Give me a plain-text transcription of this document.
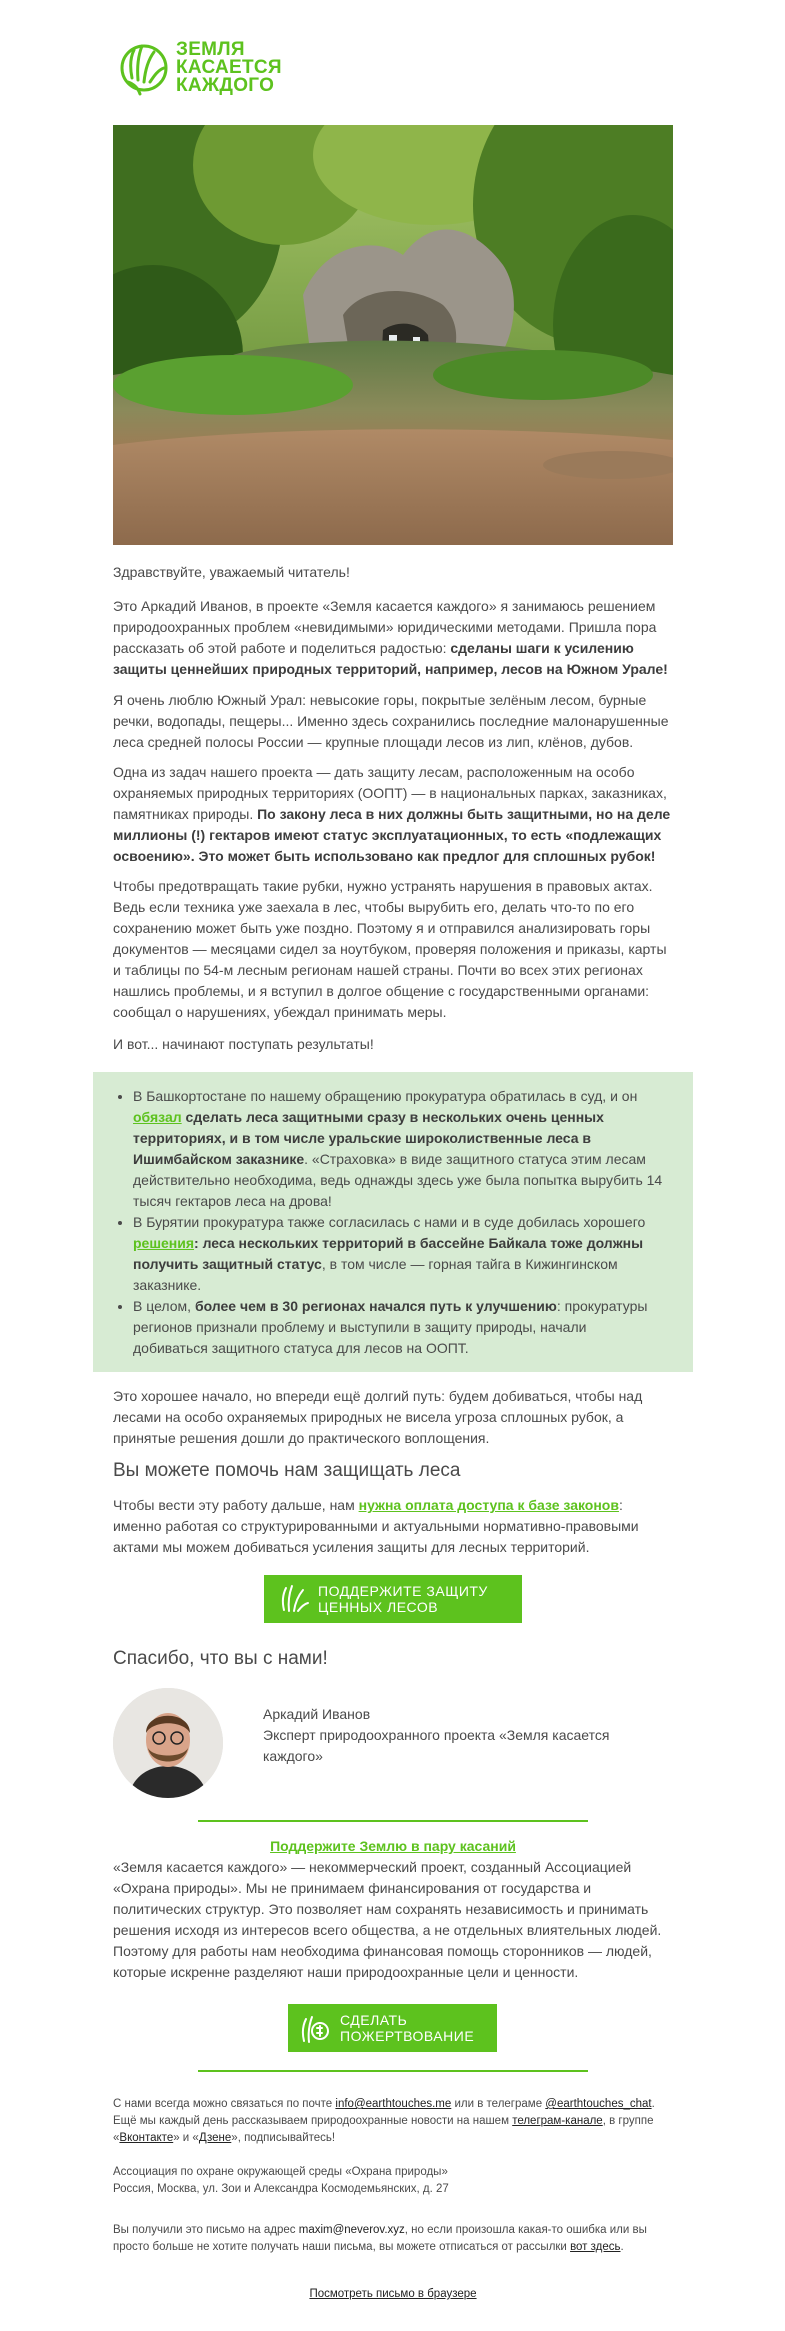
ЗЕМЛЯ
КАСАЕТСЯ
КАЖДОГО

Здравствуйте, уважаемый читатель!

Это Аркадий Иванов, в проекте «Земля касается каждого» я занимаюсь решением природоохранных проблем «невидимыми» юридическими методами. Пришла пора рассказать об этой работе и поделиться радостью: сделаны шаги к усилению защиты ценнейших природных территорий, например, лесов на Южном Урале!

Я очень люблю Южный Урал: невысокие горы, покрытые зелёным лесом, бурные речки, водопады, пещеры... Именно здесь сохранились последние малонарушенные леса средней полосы России — крупные площади лесов из лип, клёнов, дубов.

Одна из задач нашего проекта — дать защиту лесам, расположенным на особо охраняемых природных территориях (ООПТ) — в национальных парках, заказниках, памятниках природы. По закону леса в них должны быть защитными, но на деле миллионы (!) гектаров имеют статус эксплуатационных, то есть «подлежащих освоению». Это может быть использовано как предлог для сплошных рубок!

Чтобы предотвращать такие рубки, нужно устранять нарушения в правовых актах. Ведь если техника уже заехала в лес, чтобы вырубить его, делать что-то по его сохранению может быть уже поздно. Поэтому я и отправился анализировать горы документов — месяцами сидел за ноутбуком, проверяя положения и приказы, карты и таблицы по 54-м лесным регионам нашей страны. Почти во всех этих регионах нашлись проблемы, и я вступил в долгое общение с государственными органами: сообщал о нарушениях, убеждал принимать меры.

И вот... начинают поступать результаты!

• В Башкортостане по нашему обращению прокуратура обратилась в суд, и он обязал сделать леса защитными сразу в нескольких очень ценных территориях, и в том числе уральские широколиственные леса в Ишимбайском заказнике. «Страховка» в виде защитного статуса этим лесам действительно необходима, ведь однажды здесь уже была попытка вырубить 14 тысяч гектаров леса на дрова!
• В Бурятии прокуратура также согласилась с нами и в суде добилась хорошего решения: леса нескольких территорий в бассейне Байкала тоже должны получить защитный статус, в том числе — горная тайга в Кижингинском заказнике.
• В целом, более чем в 30 регионах начался путь к улучшению: прокуратуры регионов признали проблему и выступили в защиту природы, начали добиваться защитного статуса для лесов на ООПТ.

Это хорошее начало, но впереди ещё долгий путь: будем добиваться, чтобы над лесами на особо охраняемых природных не висела угроза сплошных рубок, а принятые решения дошли до практического воплощения.

Вы можете помочь нам защищать леса

Чтобы вести эту работу дальше, нам нужна оплата доступа к базе законов: именно работая со структурированными и актуальными нормативно-правовыми актами мы можем добиваться усиления защиты для лесных территорий.

ПОДДЕРЖИТЕ ЗАЩИТУ
ЦЕННЫХ ЛЕСОВ
Спасибо, что вы с нами!

Аркадий Иванов

Эксперт природоохранного проекта «Земля касается каждого»

Поддержите Землю в пару касаний

«Земля касается каждого» — некоммерческий проект, созданный Ассоциацией «Охрана природы». Мы не принимаем финансирования от государства и политических структур. Это позволяет нам сохранять независимость и принимать решения исходя из интересов всего общества, а не отдельных влиятельных людей. Поэтому для работы нам необходима финансовая помощь сторонников — людей, которые искренне разделяют наши природоохранные цели и ценности.

СДЕЛАТЬ
ПОЖЕРТВОВАНИЕ
С нами всегда можно связаться по почте info@earthtouches.me или в телеграме @earthtouches_chat. Ещё мы каждый день рассказываем природоохранные новости на нашем телеграм-канале, в группе «Вконтакте» и «Дзене», подписывайтесь!
Ассоциация по охране окружающей среды «Охрана природы»
Россия, Москва, ул. Зои и Александра Космодемьянских, д. 27
Вы получили это письмо на адрес maxim@neverov.xyz, но если произошла какая-то ошибка или вы просто больше не хотите получать наши письма, вы можете отписаться от рассылки вот здесь.
Посмотреть письмо в браузере
